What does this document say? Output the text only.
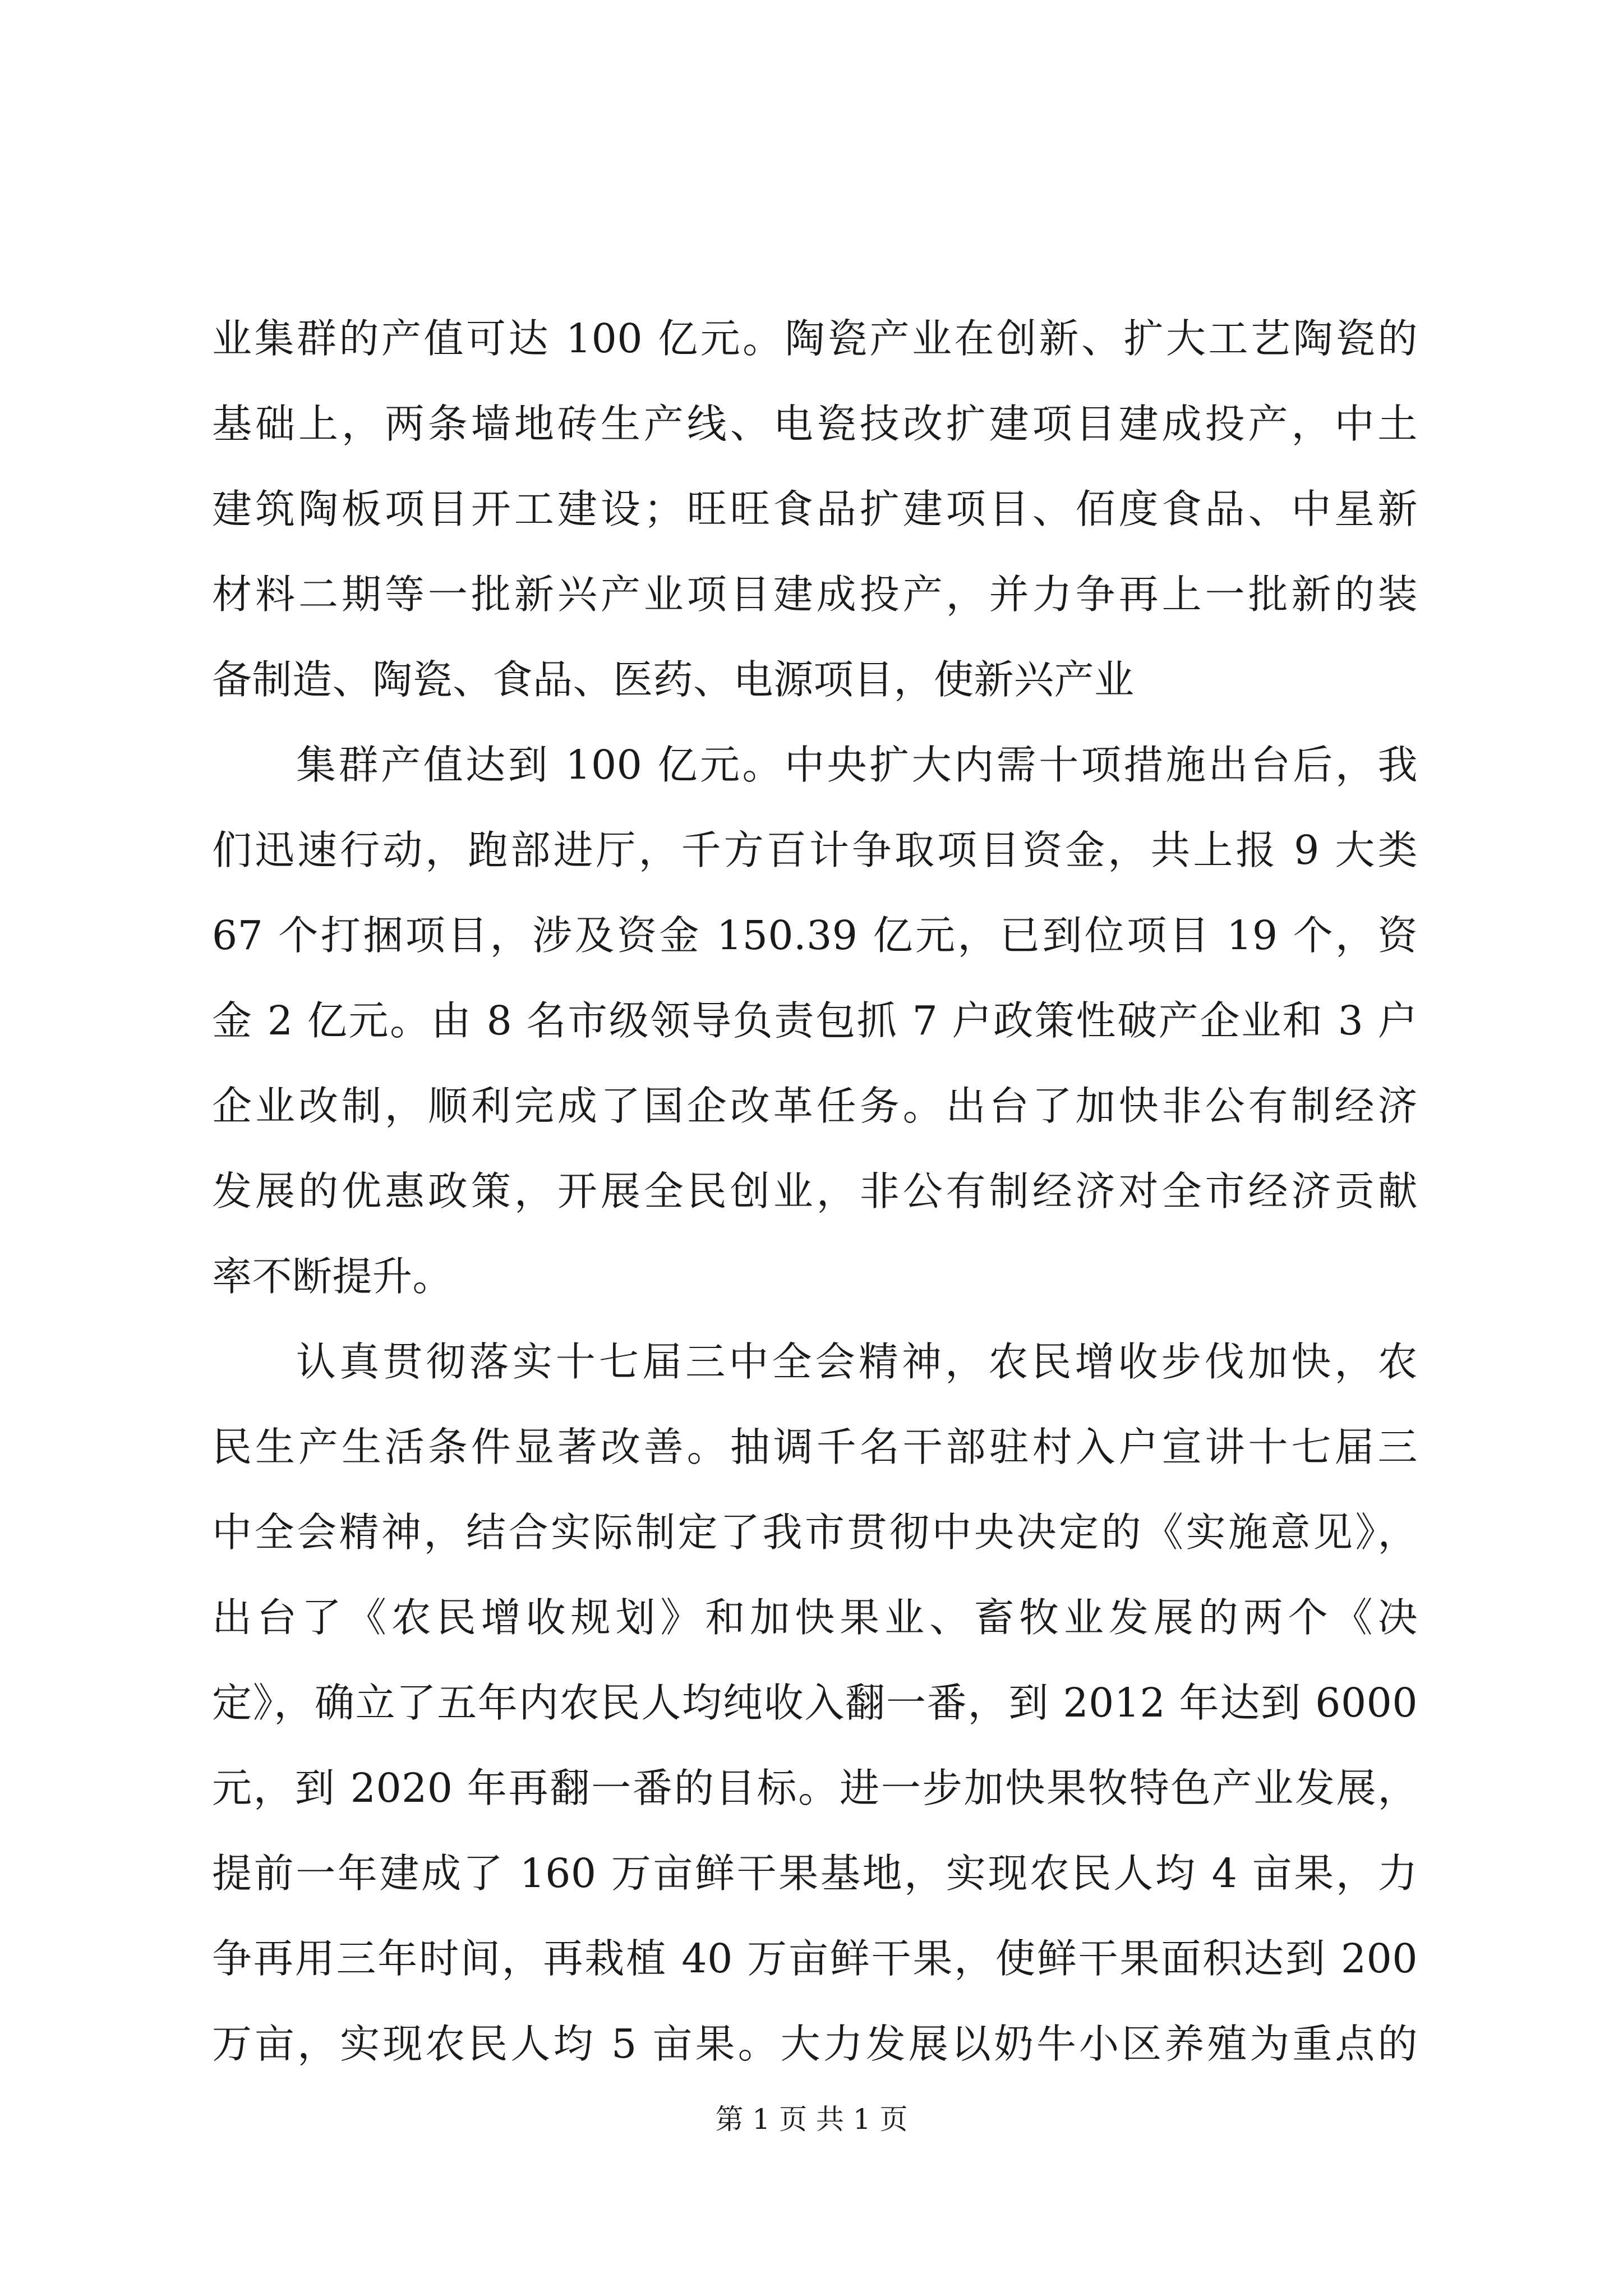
业集群的产值可达 100 亿元。陶瓷产业在创新、扩大工艺陶瓷的
基础上，两条墙地砖生产线、电瓷技改扩建项目建成投产，中土
建筑陶板项目开工建设；旺旺食品扩建项目、佰度食品、中星新
材料二期等一批新兴产业项目建成投产，并力争再上一批新的装
备制造、陶瓷、食品、医药、电源项目，使新兴产业
集群产值达到 100 亿元。中央扩大内需十项措施出台后，我
们迅速行动，跑部进厅，千方百计争取项目资金，共上报 9 大类
67 个打捆项目，涉及资金 150.39 亿元，已到位项目 19 个，资
金 2 亿元。由 8 名市级领导负责包抓 7 户政策性破产企业和 3 户
企业改制，顺利完成了国企改革任务。出台了加快非公有制经济
发展的优惠政策，开展全民创业，非公有制经济对全市经济贡献
率不断提升。
认真贯彻落实十七届三中全会精神，农民增收步伐加快，农
民生产生活条件显著改善。抽调千名干部驻村入户宣讲十七届三
中全会精神，结合实际制定了我市贯彻中央决定的《实施意见》，
出台了《农民增收规划》和加快果业、畜牧业发展的两个《决
定》，确立了五年内农民人均纯收入翻一番，到 2012 年达到 6000
元，到 2020 年再翻一番的目标。进一步加快果牧特色产业发展，
提前一年建成了 160 万亩鲜干果基地，实现农民人均 4 亩果，力
争再用三年时间，再栽植 40 万亩鲜干果，使鲜干果面积达到 200
万亩，实现农民人均 5 亩果。大力发展以奶牛小区养殖为重点的
第 1 页 共 1 页
